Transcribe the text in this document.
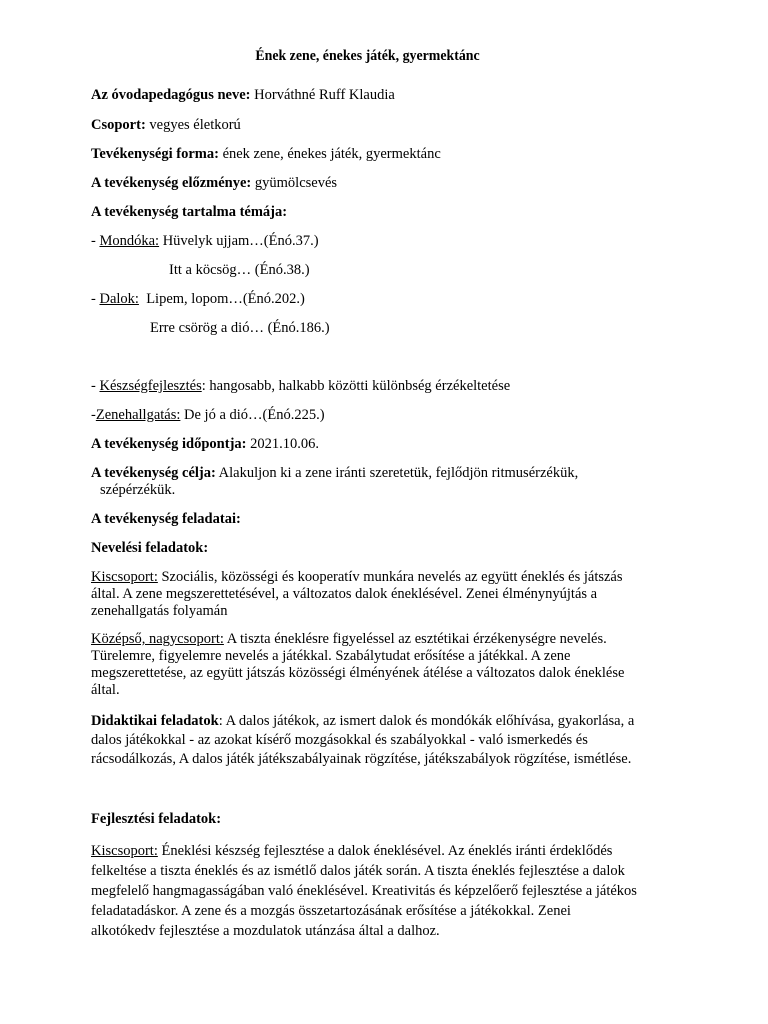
Ének zene, énekes játék, gyermektánc
Az óvodapedagógus neve: Horváthné Ruff Klaudia
Csoport: vegyes életkorú
Tevékenységi forma: ének zene, énekes játék, gyermektánc
A tevékenység előzménye: gyümölcsevés
A tevékenység tartalma témája:
- Mondóka: Hüvelyk ujjam…(Énó.37.)
Itt a köcsög… (Énó.38.)
- Dalok: Lipem, lopom…(Énó.202.)
Erre csörög a dió… (Énó.186.)
- Készségfejlesztés: hangosabb, halkabb közötti különbség érzékeltetése
-Zenehallgatás: De jó a dió…(Énó.225.)
A tevékenység időpontja: 2021.10.06.
A tevékenység célja: Alakuljon ki a zene iránti szeretetük, fejlődjön ritmusérzékük,
szépérzékük.
A tevékenység feladatai:
Nevelési feladatok:
Kiscsoport: Szociális, közösségi és kooperatív munkára nevelés az együtt éneklés és játszás
által. A zene megszerettetésével, a változatos dalok éneklésével. Zenei élménynyújtás a
zenehallgatás folyamán
Középső, nagycsoport: A tiszta éneklésre figyeléssel az esztétikai érzékenységre nevelés.
Türelemre, figyelemre nevelés a játékkal. Szabálytudat erősítése a játékkal. A zene
megszerettetése, az együtt játszás közösségi élményének átélése a változatos dalok éneklése
által.
Didaktikai feladatok: A dalos játékok, az ismert dalok és mondókák előhívása, gyakorlása, a
dalos játékokkal - az azokat kísérő mozgásokkal és szabályokkal - való ismerkedés és
rácsodálkozás, A dalos játék játékszabályainak rögzítése, játékszabályok rögzítése, ismétlése.
Fejlesztési feladatok:
Kiscsoport: Éneklési készség fejlesztése a dalok éneklésével. Az éneklés iránti érdeklődés
felkeltése a tiszta éneklés és az ismétlő dalos játék során. A tiszta éneklés fejlesztése a dalok
megfelelő hangmagasságában való éneklésével. Kreativitás és képzelőerő fejlesztése a játékos
feladatadáskor. A zene és a mozgás összetartozásának erősítése a játékokkal. Zenei
alkotókedv fejlesztése a mozdulatok utánzása által a dalhoz.
